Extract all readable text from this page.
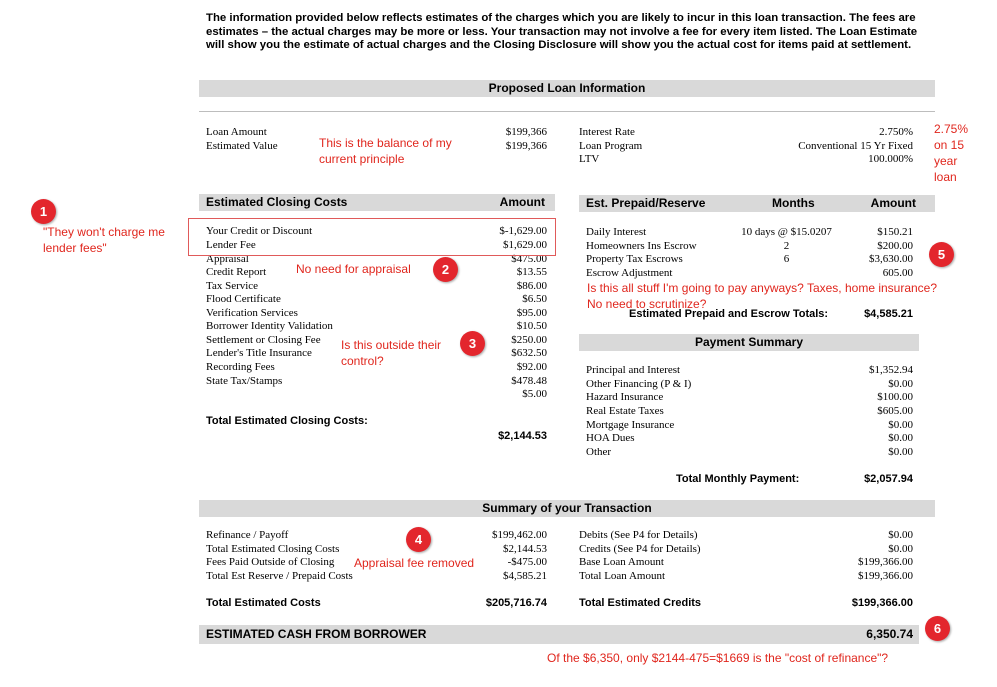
The information provided below reflects estimates of the charges which you are likely to incur in this loan transaction. The fees are estimates – the actual charges may be more or less. Your transaction may not involve a fee for every item listed. The Loan Estimate will show you the estimate of actual charges and the Closing Disclosure will show you the actual cost for items paid at settlement.
Proposed Loan Information
Loan Amount	$199,366
Estimated Value	$199,366
Interest Rate	2.750%
Loan Program	Conventional 15 Yr Fixed
LTV	100.000%
Estimated Closing Costs	Amount
Your Credit or Discount	$-1,629.00
Lender Fee	$1,629.00
Appraisal	$475.00
Credit Report	$13.55
Tax Service	$86.00
Flood Certificate	$6.50
Verification Services	$95.00
Borrower Identity Validation	$10.50
Settlement or Closing Fee	$250.00
Lender's Title Insurance	$632.50
Recording Fees	$92.00
State Tax/Stamps	$478.48
$5.00
Total Estimated Closing Costs:
$2,144.53
Est. Prepaid/Reserve	Months	Amount
Daily Interest	10 days @ $15.0207	$150.21
Homeowners Ins Escrow	2	$200.00
Property Tax Escrows	6	$3,630.00
Escrow Adjustment	605.00
Estimated Prepaid and Escrow Totals:	$4,585.21
Payment Summary
Principal and Interest	$1,352.94
Other Financing (P & I)	$0.00
Hazard Insurance	$100.00
Real Estate Taxes	$605.00
Mortgage Insurance	$0.00
HOA Dues	$0.00
Other	$0.00
Total Monthly Payment:	$2,057.94
Summary of your Transaction
Refinance / Payoff	$199,462.00
Total Estimated Closing Costs	$2,144.53
Fees Paid Outside of Closing	-$475.00
Total Est Reserve / Prepaid Costs	$4,585.21
Debits (See P4 for Details)	$0.00
Credits (See P4 for Details)	$0.00
Base Loan Amount	$199,366.00
Total Loan Amount	$199,366.00
Total Estimated Costs	$205,716.74	Total Estimated Credits	$199,366.00
ESTIMATED CASH FROM BORROWER	6,350.74
This is the balance of my
current principle
2.75%
on 15
year
loan
1
"They won't charge me
lender fees"
No need for appraisal	2
Is this outside their
control?
3
4
Appraisal fee removed
5
Is this all stuff I'm going to pay anyways? Taxes, home insurance?
No need to scrutinize?
6
Of the $6,350, only $2144-475=$1669 is the "cost of refinance"?
